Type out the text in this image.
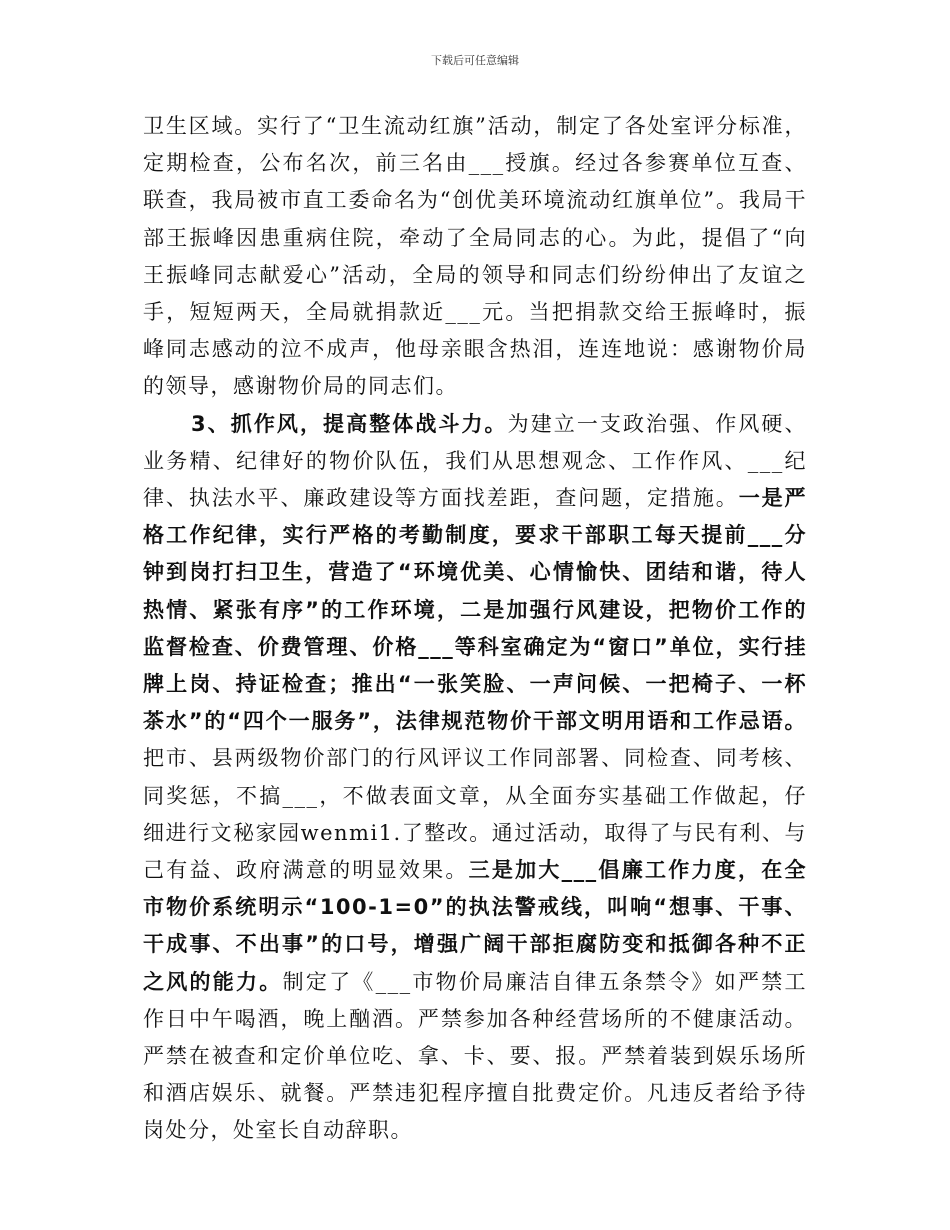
下载后可任意编辑

卫生区域。实行了“卫生流动红旗”活动，制定了各处室评分标准，定期检查，公布名次，前三名由___授旗。经过各参赛单位互查、联查，我局被市直工委命名为“创优美环境流动红旗单位”。我局干部王振峰因患重病住院，牵动了全局同志的心。为此，提倡了“向王振峰同志献爱心”活动，全局的领导和同志们纷纷伸出了友谊之手，短短两天，全局就捐款近___元。当把捐款交给王振峰时，振峰同志感动的泣不成声，他母亲眼含热泪，连连地说：感谢物价局的领导，感谢物价局的同志们。

3、抓作风，提高整体战斗力。为建立一支政治强、作风硬、业务精、纪律好的物价队伍，我们从思想观念、工作作风、___纪律、执法水平、廉政建设等方面找差距，查问题，定措施。一是严格工作纪律，实行严格的考勤制度，要求干部职工每天提前___分钟到岗打扫卫生，营造了“环境优美、心情愉快、团结和谐，待人热情、紧张有序”的工作环境，二是加强行风建设，把物价工作的监督检查、价费管理、价格___等科室确定为“窗口”单位，实行挂牌上岗、持证检查；推出“一张笑脸、一声问候、一把椅子、一杯茶水”的“四个一服务”，法律规范物价干部文明用语和工作忌语。把市、县两级物价部门的行风评议工作同部署、同检查、同考核、同奖惩，不搞___，不做表面文章，从全面夯实基础工作做起，仔细进行文秘家园wenmi1.了整改。通过活动，取得了与民有利、与己有益、政府满意的明显效果。三是加大___倡廉工作力度，在全市物价系统明示“100-1=0”的执法警戒线，叫响“想事、干事、干成事、不出事”的口号，增强广阔干部拒腐防变和抵御各种不正之风的能力。制定了《___市物价局廉洁自律五条禁令》如严禁工作日中午喝酒，晚上酗酒。严禁参加各种经营场所的不健康活动。严禁在被查和定价单位吃、拿、卡、要、报。严禁着装到娱乐场所和酒店娱乐、就餐。严禁违犯程序擅自批费定价。凡违反者给予待岗处分，处室长自动辞职。
